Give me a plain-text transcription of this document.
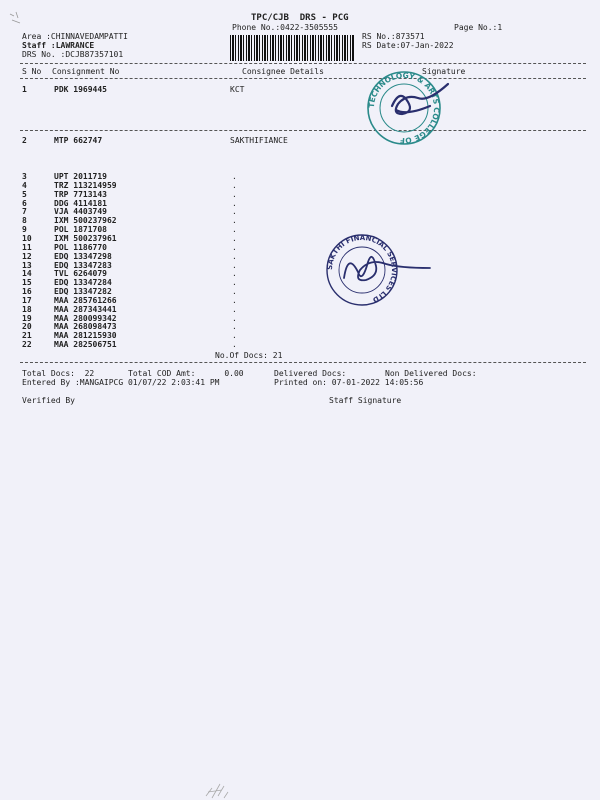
TPC/CJB  DRS - PCG
Phone No.:0422-3505555	Page No.:1
Area :CHINNAVEDAMPATTI
Staff :LAWRANCE
DRS No. :DCJB87357101
RS No.:873571
RS Date:07-Jan-2022
S No Consignment No	Consignee Details	Signature
1	PDK 1969445	KCT
2	MTP 662747	SAKTHIFIANCE
3	UPT 2011719	.
4	TRZ 113214959	.
5	TRP 7713143	.
6	DDG 4114181	.
7	VJA 4403749	.
8	IXM 500237962	.
9	POL 1871708	.
10	IXM 500237961	.
11	POL 1186770	.
12	EDQ 13347298	.
13	EDQ 13347283	.
14	TVL 6264079	.
15	EDQ 13347284	.
16	EDQ 13347282	.
17	MAA 285761266	.
18	MAA 287343441	.
19	MAA 280099342	.
20	MAA 268098473	.
21	MAA 281215930	.
22	MAA 282506751	.
No.Of Docs: 21
Total Docs:  22	Total COD Amt:      0.00	Delivered Docs:	Non Delivered Docs:
Entered By :MANGAIPCG 01/07/22 2:03:41 PM	Printed on: 07-01-2022 14:05:56
Verified By	Staff Signature
TECHNOLOGY & ARTS COLLEGE OF
SAKTHI FINANCIAL SERVICES LTD
